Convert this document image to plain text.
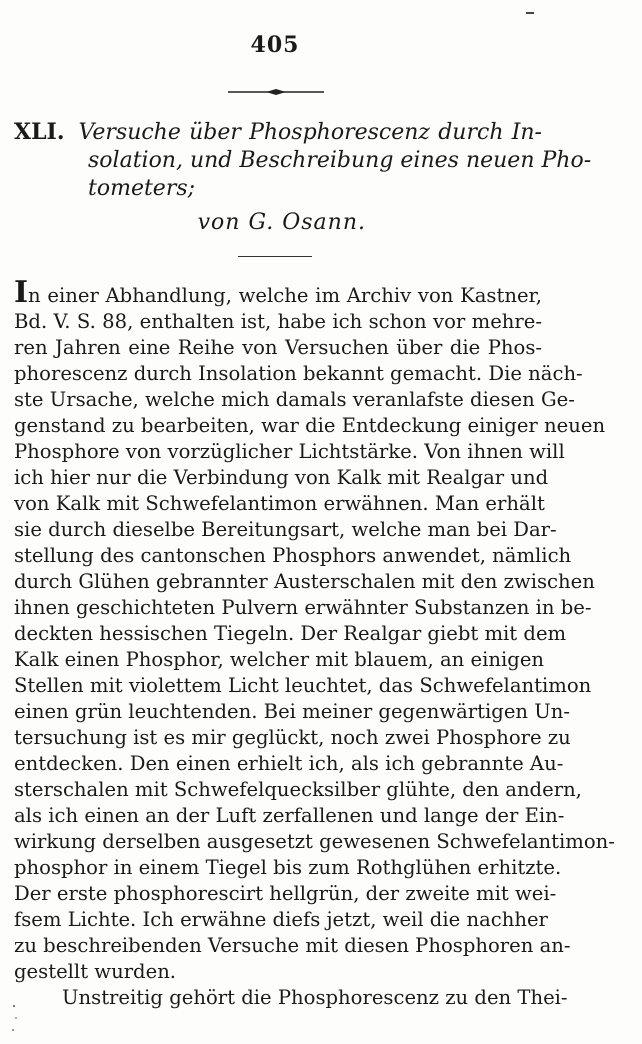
405
XLI. Versuche über Phosphorescenz durch In-
solation, und Beschreibung eines neuen Pho-
tometers;
von G. Osann.
In einer Abhandlung, welche im Archiv von Kastner,
Bd. V. S. 88, enthalten ist, habe ich schon vor mehre-
ren Jahren eine Reihe von Versuchen über die Phos-
phorescenz durch Insolation bekannt gemacht. Die näch-
ste Ursache, welche mich damals veranlafste diesen Ge-
genstand zu bearbeiten, war die Entdeckung einiger neuen
Phosphore von vorzüglicher Lichtstärke. Von ihnen will
ich hier nur die Verbindung von Kalk mit Realgar und
von Kalk mit Schwefelantimon erwähnen. Man erhält
sie durch dieselbe Bereitungsart, welche man bei Dar-
stellung des cantonschen Phosphors anwendet, nämlich
durch Glühen gebrannter Austerschalen mit den zwischen
ihnen geschichteten Pulvern erwähnter Substanzen in be-
deckten hessischen Tiegeln. Der Realgar giebt mit dem
Kalk einen Phosphor, welcher mit blauem, an einigen
Stellen mit violettem Licht leuchtet, das Schwefelantimon
einen grün leuchtenden. Bei meiner gegenwärtigen Un-
tersuchung ist es mir geglückt, noch zwei Phosphore zu
entdecken. Den einen erhielt ich, als ich gebrannte Au-
sterschalen mit Schwefelquecksilber glühte, den andern,
als ich einen an der Luft zerfallenen und lange der Ein-
wirkung derselben ausgesetzt gewesenen Schwefelantimon-
phosphor in einem Tiegel bis zum Rothglühen erhitzte.
Der erste phosphorescirt hellgrün, der zweite mit wei-
fsem Lichte. Ich erwähne diefs jetzt, weil die nachher
zu beschreibenden Versuche mit diesen Phosphoren an-
gestellt wurden.
Unstreitig gehört die Phosphorescenz zu den Thei-
